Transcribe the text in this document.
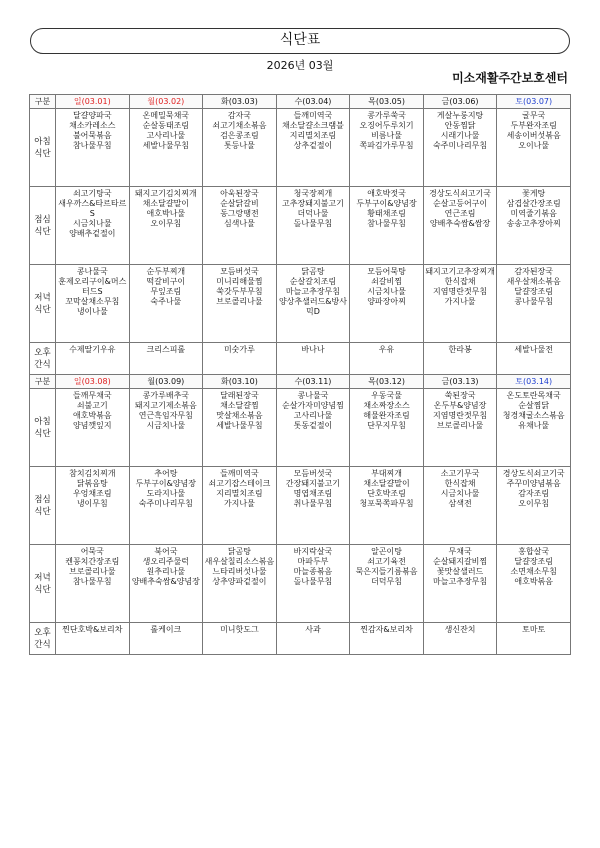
식단표
2026년 03월
미소재활주간보호센터
구분	일(03.01)	월(03.02)	화(03.03)	수(03.04)	목(03.05)	금(03.06)	토(03.07)
아침
식단	달걀양파국
채소카레소스
불어묵볶음
참나물무침	온메밀묵채국
순살동태조림
고사리나물
세발나물무침	감자국
쇠고기채소볶음
검은콩조림
톳등나물	들깨미역국
채소달걀소크램블
지리멸치조림
상추겉절이	콩가루쑥국
오징어두루치기
비름나물
쪽파김가루무침	게살누룽지탕
안동찜닭
시래기나물
숙주미나리무침	굴무국
두부완자조림
세송이버섯볶음
오이나물

점심
식단	쇠고기탕국
새우까스&타르타르S
시금치나물
양배추겉절이	돼지고기김치찌개
채소달걀말이
애호박나물
오이무침	아욱된장국
순살닭갈비
동그랑땡전
심색나물	청국장찌개
고추장돼지불고기
더덕나물
돌나물무침	애호박젓국
두부구이&양념장
황태채조림
참나물무침	경상도식쇠고기국
순살고등어구이
연근조림
양배추숙쌈&쌈장	꽃게탕
삼겹살간장조림
미역줄기볶음
송송고추장아찌

저녁
식단	콩나물국
훈제오리구이&머스터드S
꼬막살채소무침
냉이나물	순두부찌개
떡갈비구이
무잎조림
숙주나물	모듬버섯국
미니리해물찜
쑥갓두부무침
브로콜리나물	닭곰탕
순살갈치조림
마늘고추장무침
양상추샐러드&방사믹D	모듬어묵탕
쇠갈비찜
시금치나물
양파장아찌	돼지고기고추장찌개
한식잡채
지염명란젓무침
가지나물	감자된장국
새우살채소볶음
달걀장조림
콩나물무침

오후
간식	수제딸기우유	크리스피롤	미숫가루	바나나	우유	한라봉	세발나물전
구분	일(03.08)	월(03.09)	화(03.10)	수(03.11)	목(03.12)	금(03.13)	토(03.14)
아침
식단	들깨무채국
쇠불고기
애호박볶음
양념깻잎지	콩가루배추국
돼지고기제소볶음
연근흑임자무침
시금치나물	달래된장국
채소달걀찜
맛살채소볶음
세발나물무침	콩나물국
순살가자미양념찜
고사리나물
톳동겉절이	우동국물
채소짜장소스
해물완자조림
단무지무침	쑥된장국
온두부&양념장
지염명란젓무침
브로콜리나물	온도토란목채국
순살찜닭
청경채굴소스볶음
유채나물

점심
식단	참치김치찌개
닭볶음탕
우엉채조림
냉이무침	추어탕
두부구이&양념장
도라지나물
숙주미나리무침	들깨미역국
쇠고기잡스테이크
지리멸치조림
가지나물	모듬버섯국
간장돼지불고기
명엽채조림
취나물무침	부대찌개
채소달걀말이
단호박조림
청포묵쪽파무침	소고기무국
한식잡채
시금치나물
삼색전	경상도식쇠고기국
주꾸미양념볶음
감자조림
오이무침

저녁
식단	어묵국
켄꽁치간장조림
브로콜리나물
참나물무침	북어국
생오리주물럭
원추리나물
양배추숙쌈&양념장	닭곰탕
새우살칠리소스볶음
느타리버섯나물
상추양파겉절이	바지락살국
마파두부
마늘종볶음
돌나물무침	알곤이탕
쇠고기육전
묵은지들기름볶음
더덕무침	무채국
순살돼지갈비찜
꽃맛살샐러드
마늘고추장무침	홍합살국
달걀장조림
소면채소무침
애호박볶음

오후
간식	찐단호박&보리차	롤케이크	미니핫도그	사과	찐감자&보리차	생신잔치	토마토
